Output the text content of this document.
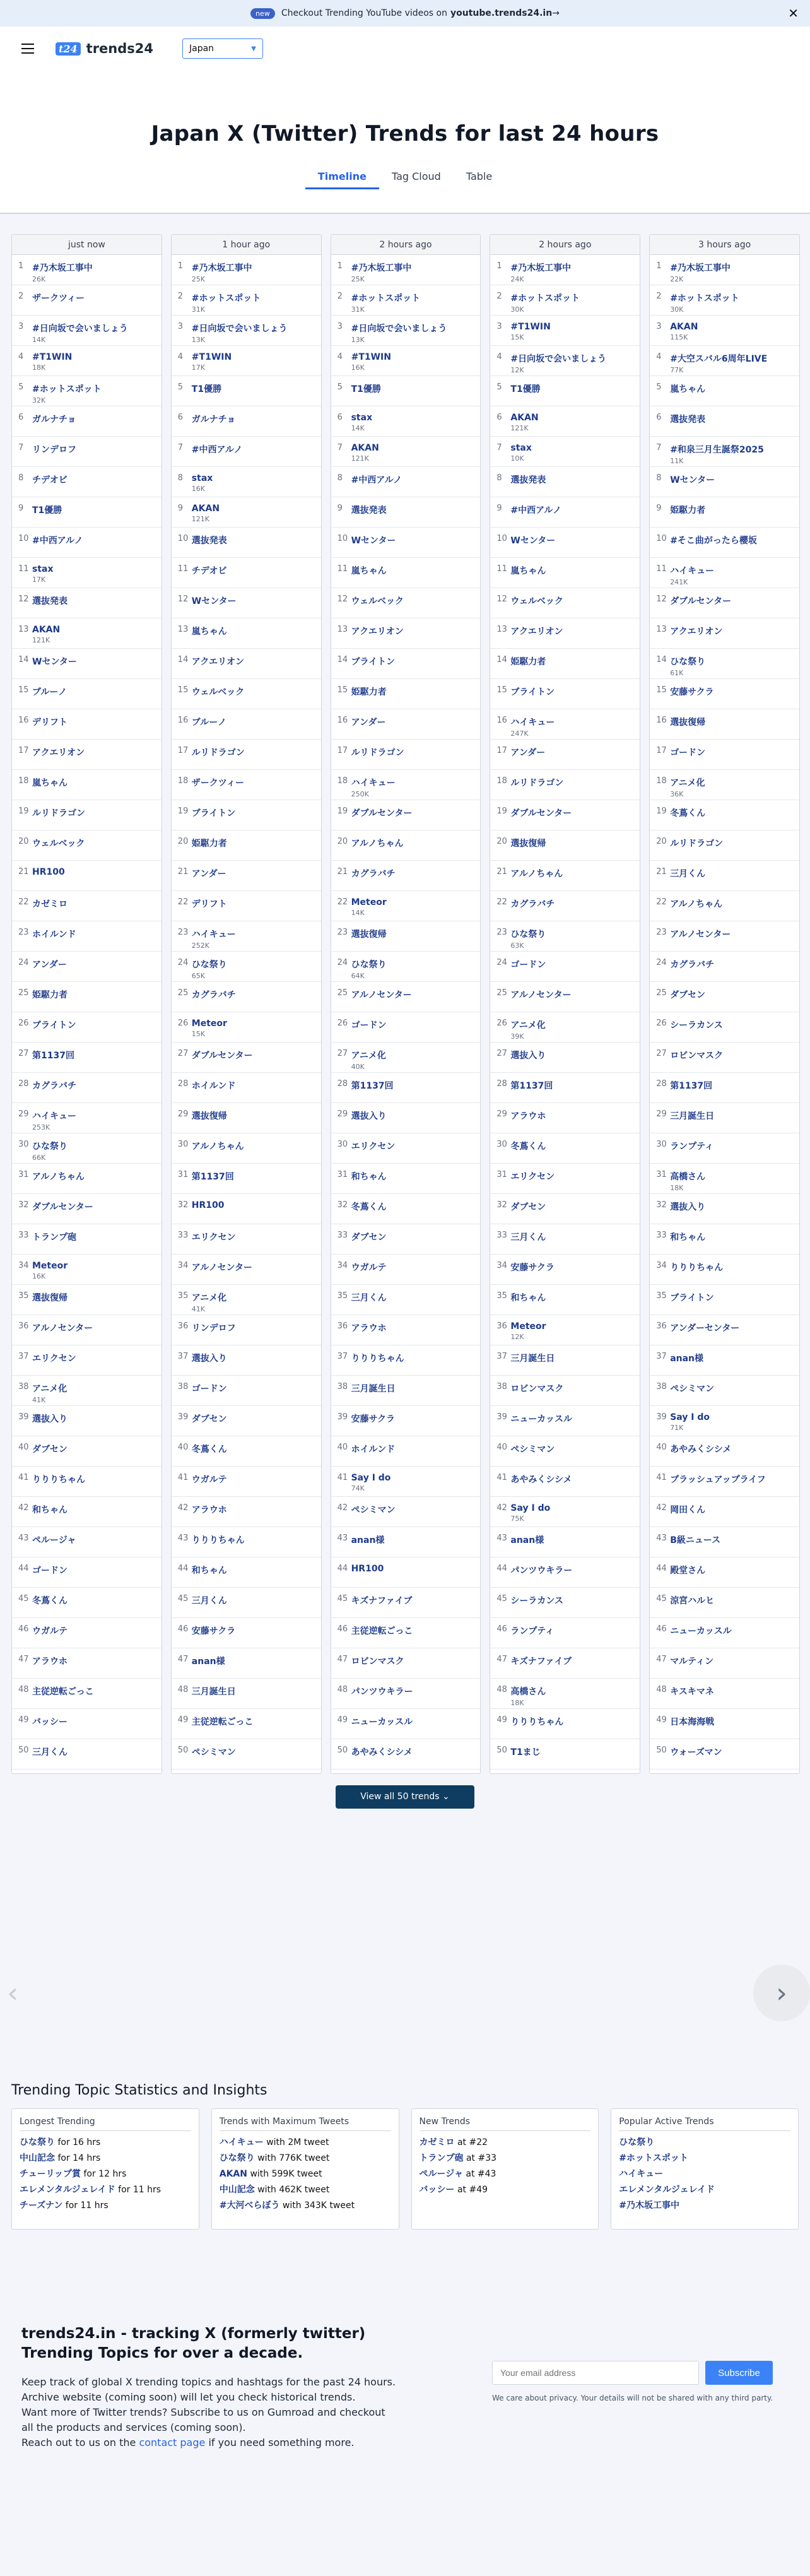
new	Checkout Trending YouTube videos on youtube.trends24.in →	✕
t24 trends24	Japan	▼
Japan X (Twitter) Trends for last 24 hours
Timeline	Tag Cloud	Table
just now
1 #乃木坂工事中
26K
2 ザークツィー
3 #日向坂で会いましょう
14K
4 #T1WIN
18K
5 #ホットスポット
32K
6 ガルナチョ
7 リンデロフ
8 チデオビ
9 T1優勝
10 #中西アルノ
11 stax
17K
12 選抜発表
13 AKAN
121K
14 Wセンター
15 ブルーノ
16 デリフト
17 アクエリオン
18 嵐ちゃん
19 ルリドラゴン
20 ウェルベック
21 HR100
22 カゼミロ
23 ホイルンド
24 アンダー
25 姫駆力者
26 ブライトン
27 第1137回
28 カグラバチ
29 ハイキュー
253K
30 ひな祭り
66K
31 アルノちゃん
32 ダブルセンター
33 トランプ砲
34 Meteor
16K
35 選抜復帰
36 アルノセンター
37 エリクセン
38 アニメ化
41K
39 選抜入り
40 ダブセン
41 りりりちゃん
42 和ちゃん
43 ペルージャ
44 ゴードン
45 冬蔦くん
46 ウガルテ
47 アラウホ
48 主従逆転ごっこ
49 バッシー
50 三月くん
1 hour ago
1 #乃木坂工事中
25K
2 #ホットスポット
31K
3 #日向坂で会いましょう
13K
4 #T1WIN
17K
5 T1優勝
6 ガルナチョ
7 #中西アルノ
8 stax
16K
9 AKAN
121K
10 選抜発表
11 チデオビ
12 Wセンター
13 嵐ちゃん
14 アクエリオン
15 ウェルベック
16 ブルーノ
17 ルリドラゴン
18 ザークツィー
19 ブライトン
20 姫駆力者
21 アンダー
22 デリフト
23 ハイキュー
252K
24 ひな祭り
65K
25 カグラバチ
26 Meteor
15K
27 ダブルセンター
28 ホイルンド
29 選抜復帰
30 アルノちゃん
31 第1137回
32 HR100
33 エリクセン
34 アルノセンター
35 アニメ化
41K
36 リンデロフ
37 選抜入り
38 ゴードン
39 ダブセン
40 冬蔦くん
41 ウガルテ
42 アラウホ
43 りりりちゃん
44 和ちゃん
45 三月くん
46 安藤サクラ
47 anan様
48 三月誕生日
49 主従逆転ごっこ
50 ペシミマン
2 hours ago
1 #乃木坂工事中
25K
2 #ホットスポット
31K
3 #日向坂で会いましょう
13K
4 #T1WIN
16K
5 T1優勝
6 stax
14K
7 AKAN
121K
8 #中西アルノ
9 選抜発表
10 Wセンター
11 嵐ちゃん
12 ウェルベック
13 アクエリオン
14 ブライトン
15 姫駆力者
16 アンダー
17 ルリドラゴン
18 ハイキュー
250K
19 ダブルセンター
20 アルノちゃん
21 カグラバチ
22 Meteor
14K
23 選抜復帰
24 ひな祭り
64K
25 アルノセンター
26 ゴードン
27 アニメ化
40K
28 第1137回
29 選抜入り
30 エリクセン
31 和ちゃん
32 冬蔦くん
33 ダブセン
34 ウガルテ
35 三月くん
36 アラウホ
37 りりりちゃん
38 三月誕生日
39 安藤サクラ
40 ホイルンド
41 Say I do
74K
42 ペシミマン
43 anan様
44 HR100
45 キズナファイブ
46 主従逆転ごっこ
47 ロビンマスク
48 パンツウキラー
49 ニューカッスル
50 あやみくシシメ
2 hours ago
1 #乃木坂工事中
24K
2 #ホットスポット
30K
3 #T1WIN
15K
4 #日向坂で会いましょう
12K
5 T1優勝
6 AKAN
121K
7 stax
10K
8 選抜発表
9 #中西アルノ
10 Wセンター
11 嵐ちゃん
12 ウェルベック
13 アクエリオン
14 姫駆力者
15 ブライトン
16 ハイキュー
247K
17 アンダー
18 ルリドラゴン
19 ダブルセンター
20 選抜復帰
21 アルノちゃん
22 カグラバチ
23 ひな祭り
63K
24 ゴードン
25 アルノセンター
26 アニメ化
39K
27 選抜入り
28 第1137回
29 アラウホ
30 冬蔦くん
31 エリクセン
32 ダブセン
33 三月くん
34 安藤サクラ
35 和ちゃん
36 Meteor
12K
37 三月誕生日
38 ロビンマスク
39 ニューカッスル
40 ペシミマン
41 あやみくシシメ
42 Say I do
75K
43 anan様
44 パンツウキラー
45 シーラカンス
46 ランプティ
47 キズナファイブ
48 高橋さん
18K
49 りりりちゃん
50 T1まじ
3 hours ago
1 #乃木坂工事中
22K
2 #ホットスポット
30K
3 AKAN
115K
4 #大空スバル6周年LIVE
77K
5 嵐ちゃん
6 選抜発表
7 #和泉三月生誕祭2025
11K
8 Wセンター
9 姫駆力者
10 #そこ曲がったら櫻坂
11 ハイキュー
241K
12 ダブルセンター
13 アクエリオン
14 ひな祭り
61K
15 安藤サクラ
16 選抜復帰
17 ゴードン
18 アニメ化
36K
19 冬蔦くん
20 ルリドラゴン
21 三月くん
22 アルノちゃん
23 アルノセンター
24 カグラバチ
25 ダブセン
26 シーラカンス
27 ロビンマスク
28 第1137回
29 三月誕生日
30 ランプティ
31 高橋さん
18K
32 選抜入り
33 和ちゃん
34 りりりちゃん
35 ブライトン
36 アンダーセンター
37 anan様
38 ペシミマン
39 Say I do
71K
40 あやみくシシメ
41 ブラッシュアップライフ
42 岡田くん
43 B級ニュース
44 殿堂さん
45 涼宮ハルヒ
46 ニューカッスル
47 マルティン
48 キスキマネ
49 日本海海戦
50 ウォーズマン
View all 50 trends ⌄
‹	›
Trending Topic Statistics and Insights
Longest Trending
ひな祭り for 16 hrs
中山記念 for 14 hrs
チューリップ賞 for 12 hrs
エレメンタルジェレイド for 11 hrs
チーズナン for 11 hrs
Trends with Maximum Tweets
ハイキュー with 2M tweet
ひな祭り with 776K tweet
AKAN with 599K tweet
中山記念 with 462K tweet
#大河べらぼう with 343K tweet
New Trends
カゼミロ at #22
トランプ砲 at #33
ペルージャ at #43
バッシー at #49
Popular Active Trends
ひな祭り
#ホットスポット
ハイキュー
エレメンタルジェレイド
#乃木坂工事中
trends24.in - tracking X (formerly twitter) Trending Topics for over a decade.

Keep track of global X trending topics and hashtags for the past 24 hours.

Archive website (coming soon) will let you check historical trends.

Want more of Twitter trends? Subscribe to us on Gumroad and checkout all the products and services (coming soon).

Reach out to us on the contact page if you need something more.

Your email address
Subscribe
We care about privacy. Your details will not be shared with any third party.
